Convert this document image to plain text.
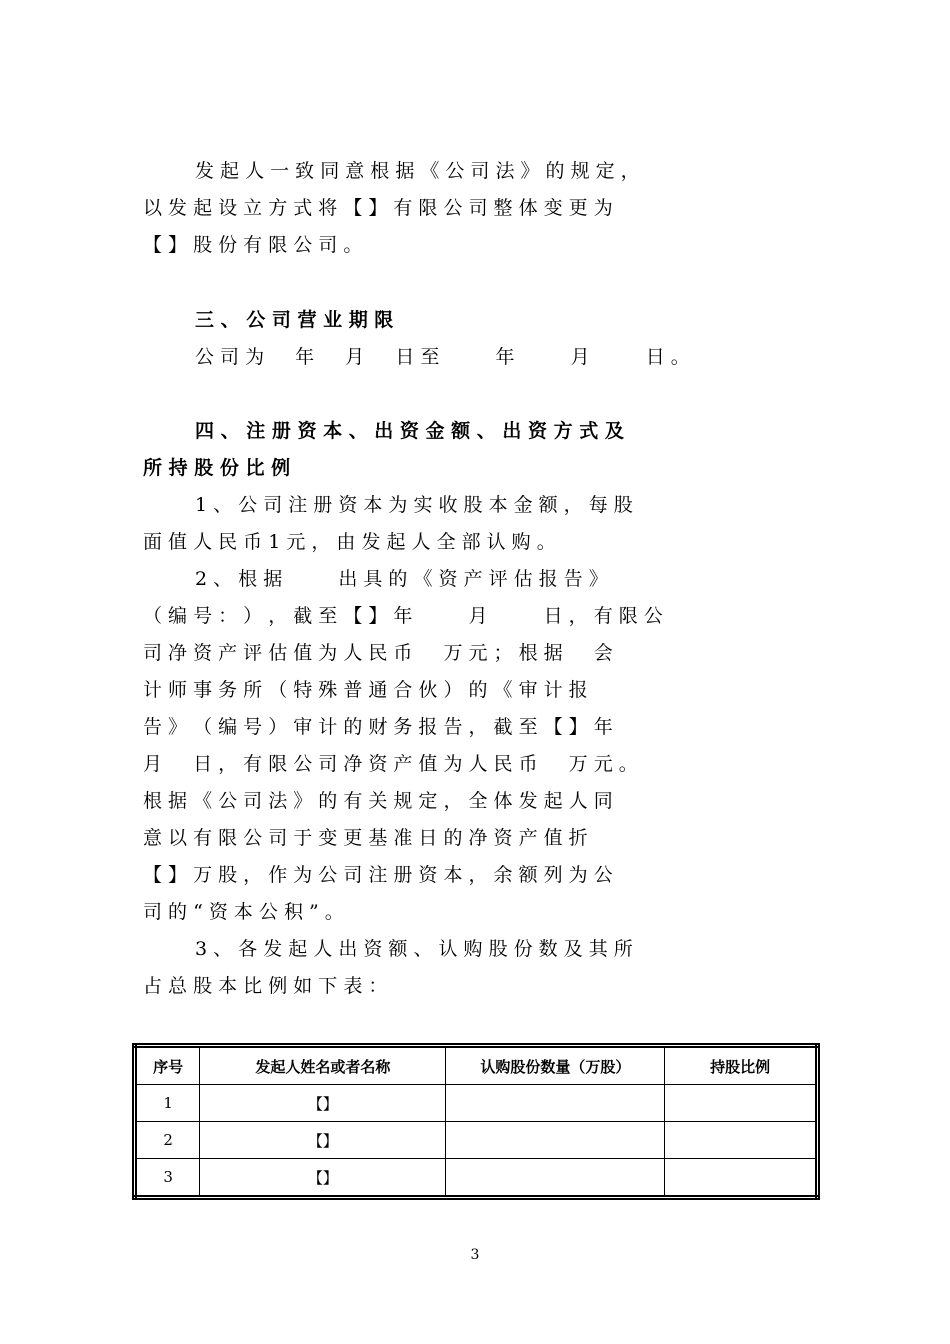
发 起 人 一 致 同 意 根 据 《 公 司 法 》 的 规 定 ，
以 发 起 设 立 方 式 将 【 】 有 限 公 司 整 体 变 更 为
【 】 股 份 有 限 公 司 。
三 、 公 司 营 业 期 限
公 司 为 　 年 　 月 　 日 至 　 　 年 　 　 月 　 　 日 。
四 、 注 册 资 本 、 出 资 金 额 、 出 资 方 式 及
所 持 股 份 比 例
1 、 公 司 注 册 资 本 为 实 收 股 本 金 额 ， 每 股
面 值 人 民 币 1 元 ， 由 发 起 人 全 部 认 购 。
2 、 根 据 　 　 出 具 的 《 资 产 评 估 报 告 》
（ 编 号 ： ） ， 截 至 【 】 年 　 　 月 　 　 日 ， 有 限 公
司 净 资 产 评 估 值 为 人 民 币 　 万 元 ； 根 据 　 会
计 师 事 务 所 （ 特 殊 普 通 合 伙 ） 的 《 审 计 报
告 》 （ 编 号 ） 审 计 的 财 务 报 告 ， 截 至 【 】 年
月 　 日 ， 有 限 公 司 净 资 产 值 为 人 民 币 　 万 元 。
根 据 《 公 司 法 》 的 有 关 规 定 ， 全 体 发 起 人 同
意 以 有 限 公 司 于 变 更 基 准 日 的 净 资 产 值 折
【 】 万 股 ， 作 为 公 司 注 册 资 本 ， 余 额 列 为 公
司 的 “ 资 本 公 积 ” 。
3 、 各 发 起 人 出 资 额 、 认 购 股 份 数 及 其 所
占 总 股 本 比 例 如 下 表 ：
序号	发起人姓名或者名称	认购股份数量（万股）	持股比例
1	【】		
2	【】		
3	【】		
3
